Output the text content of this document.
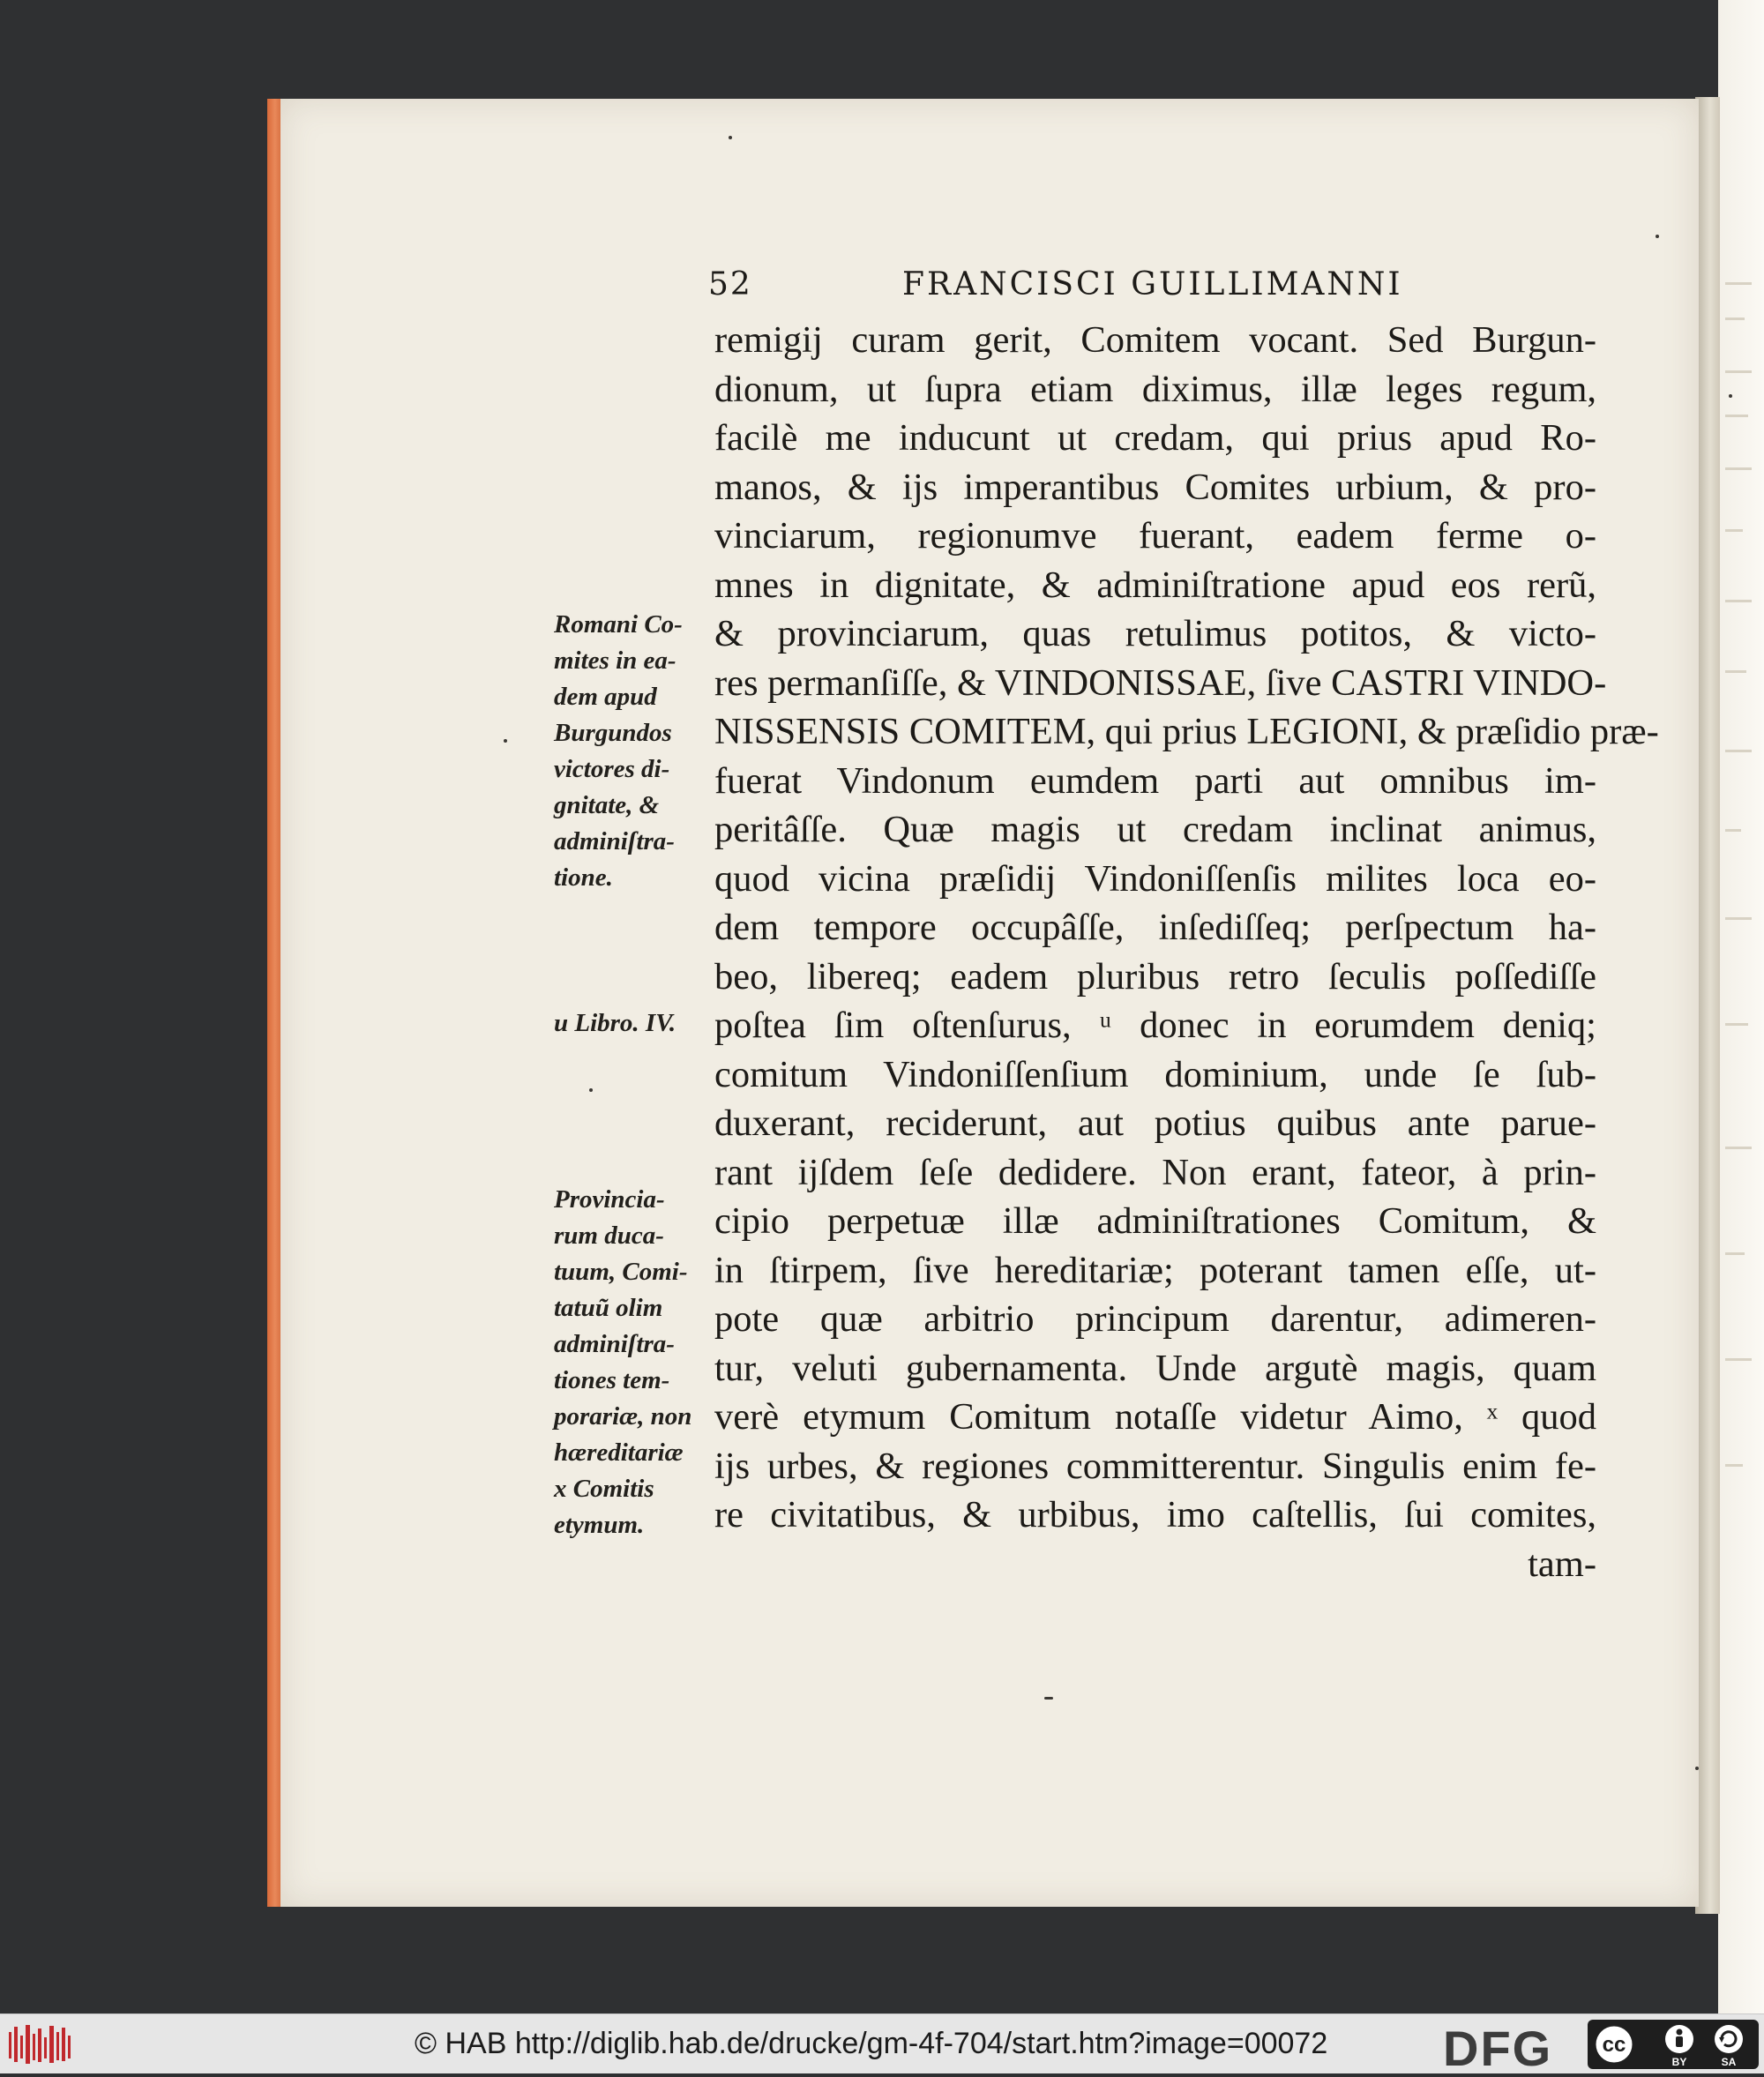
52	FRANCISCI GUILLIMANNI
remigij curam gerit, Comitem vocant. Sed Burgun-
dionum, ut ſupra etiam diximus, illæ leges regum,
facilè me inducunt ut credam, qui prius apud Ro-
manos, & ijs imperantibus Comites urbium, & pro-
vinciarum, regionumve fuerant, eadem ferme o-
mnes in dignitate, & adminiſtratione apud eos rerũ,
& provinciarum, quas retulimus potitos, & victo-
res permanſiſſe, & VINDONISSAE, ſive CASTRI VINDO-
NISSENSIS COMITEM, qui prius LEGIONI, & præſidio præ-
fuerat Vindonum eumdem parti aut omnibus im-
peritâſſe. Quæ magis ut credam inclinat animus,
quod vicina præſidij Vindoniſſenſis milites loca eo-
dem tempore occupâſſe, inſediſſeq; perſpectum ha-
beo, libereq; eadem pluribus retro ſeculis poſſediſſe
poſtea ſim oſtenſurus, ᵘ donec in eorumdem deniq;
comitum Vindoniſſenſium dominium, unde ſe ſub-
duxerant, reciderunt, aut potius quibus ante parue-
rant ijſdem ſeſe dedidere. Non erant, fateor, à prin-
cipio perpetuæ illæ adminiſtrationes Comitum, &
in ſtirpem, ſive hereditariæ; poterant tamen eſſe, ut-
pote quæ arbitrio principum darentur, adimeren-
tur, veluti gubernamenta. Unde argutè magis, quam
verè etymum Comitum notaſſe videtur Aimo, ˣ quod
ijs urbes, & regiones committerentur. Singulis enim fe-
re civitatibus, & urbibus, imo caſtellis, ſui comites,
tam-
Romani Co-
mites in ea-
dem apud
Burgundos
victores di-
gnitate, &
adminiſtra-
tione.
u Libro. IV.
Provincia-
rum duca-
tuum, Comi-
tatuũ olim
adminiſtra-
tiones tem-
porariæ, non
hæreditariæ
x Comitis
etymum.
© HAB http://diglib.hab.de/drucke/gm-4f-704/start.htm?image=00072 DFG cc
BY	SA
